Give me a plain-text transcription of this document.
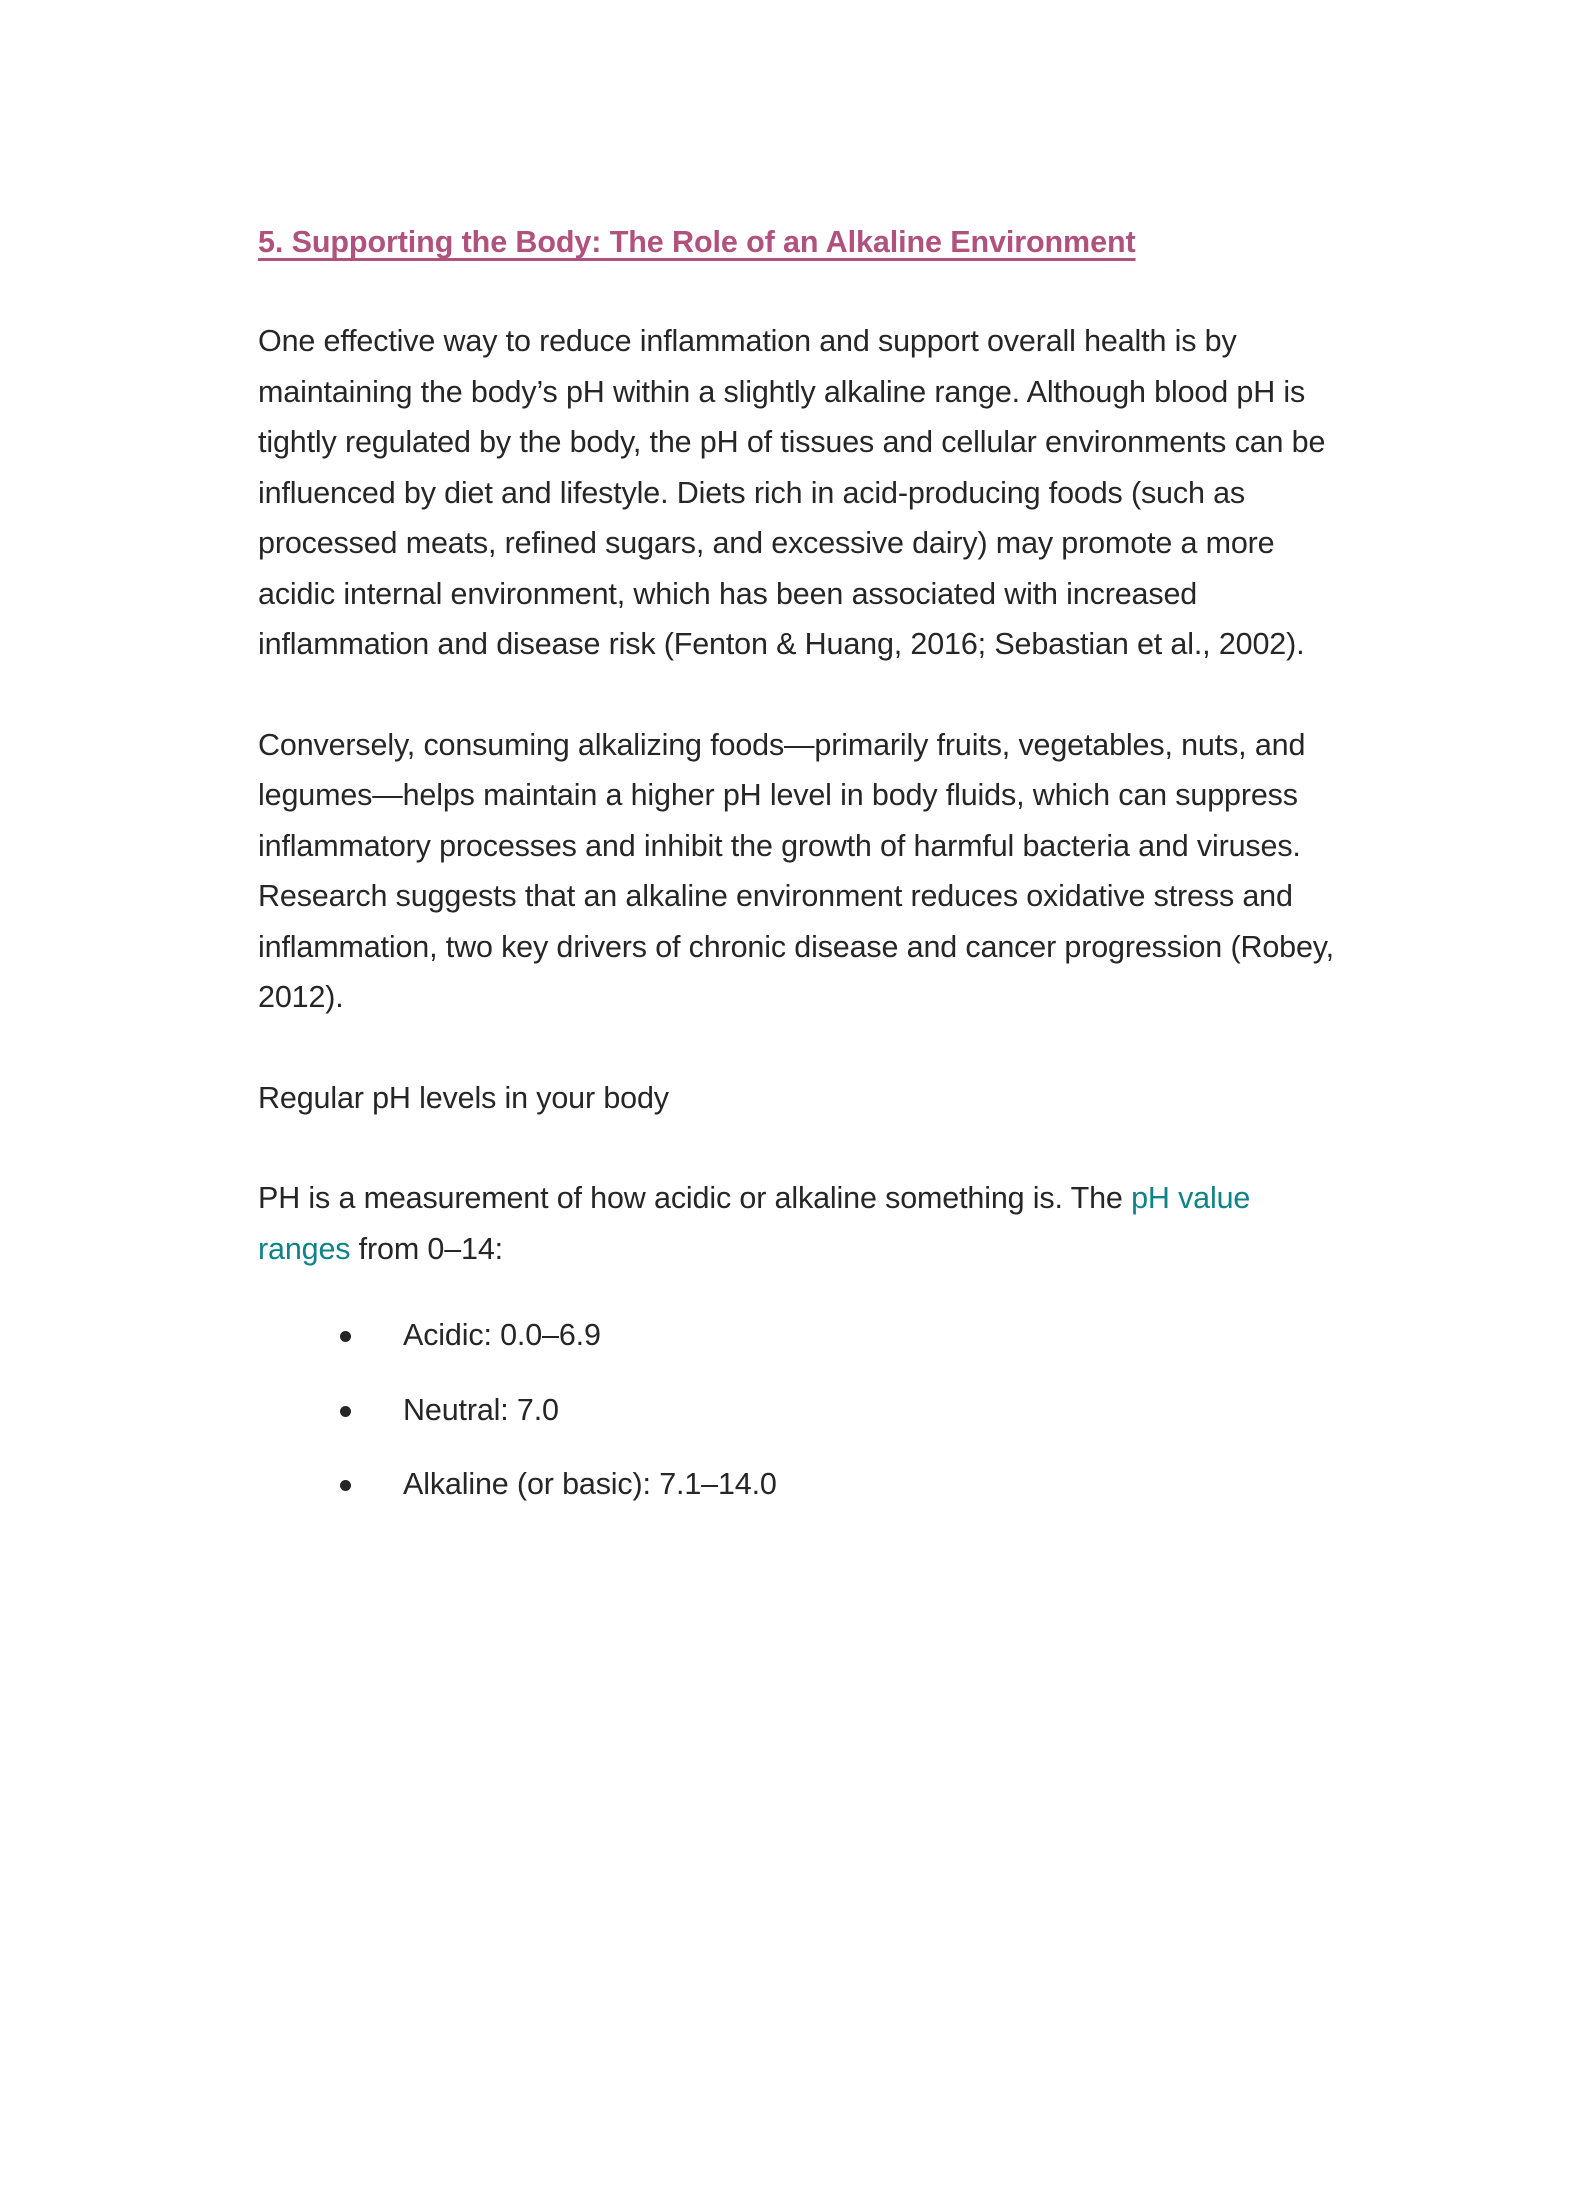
5. Supporting the Body: The Role of an Alkaline Environment

One effective way to reduce inflammation and support overall health is by maintaining the body’s pH within a slightly alkaline range. Although blood pH is tightly regulated by the body, the pH of tissues and cellular environments can be influenced by diet and lifestyle. Diets rich in acid-producing foods (such as processed meats, refined sugars, and excessive dairy) may promote a more acidic internal environment, which has been associated with increased inflammation and disease risk (Fenton & Huang, 2016; Sebastian et al., 2002).

Conversely, consuming alkalizing foods—primarily fruits, vegetables, nuts, and legumes—helps maintain a higher pH level in body fluids, which can suppress inflammatory processes and inhibit the growth of harmful bacteria and viruses. Research suggests that an alkaline environment reduces oxidative stress and inflammation, two key drivers of chronic disease and cancer progression (Robey, 2012).

Regular pH levels in your body

PH is a measurement of how acidic or alkaline something is. The pH value ranges from 0–14:

Acidic: 0.0–6.9
Neutral: 7.0
Alkaline (or basic): 7.1–14.0
